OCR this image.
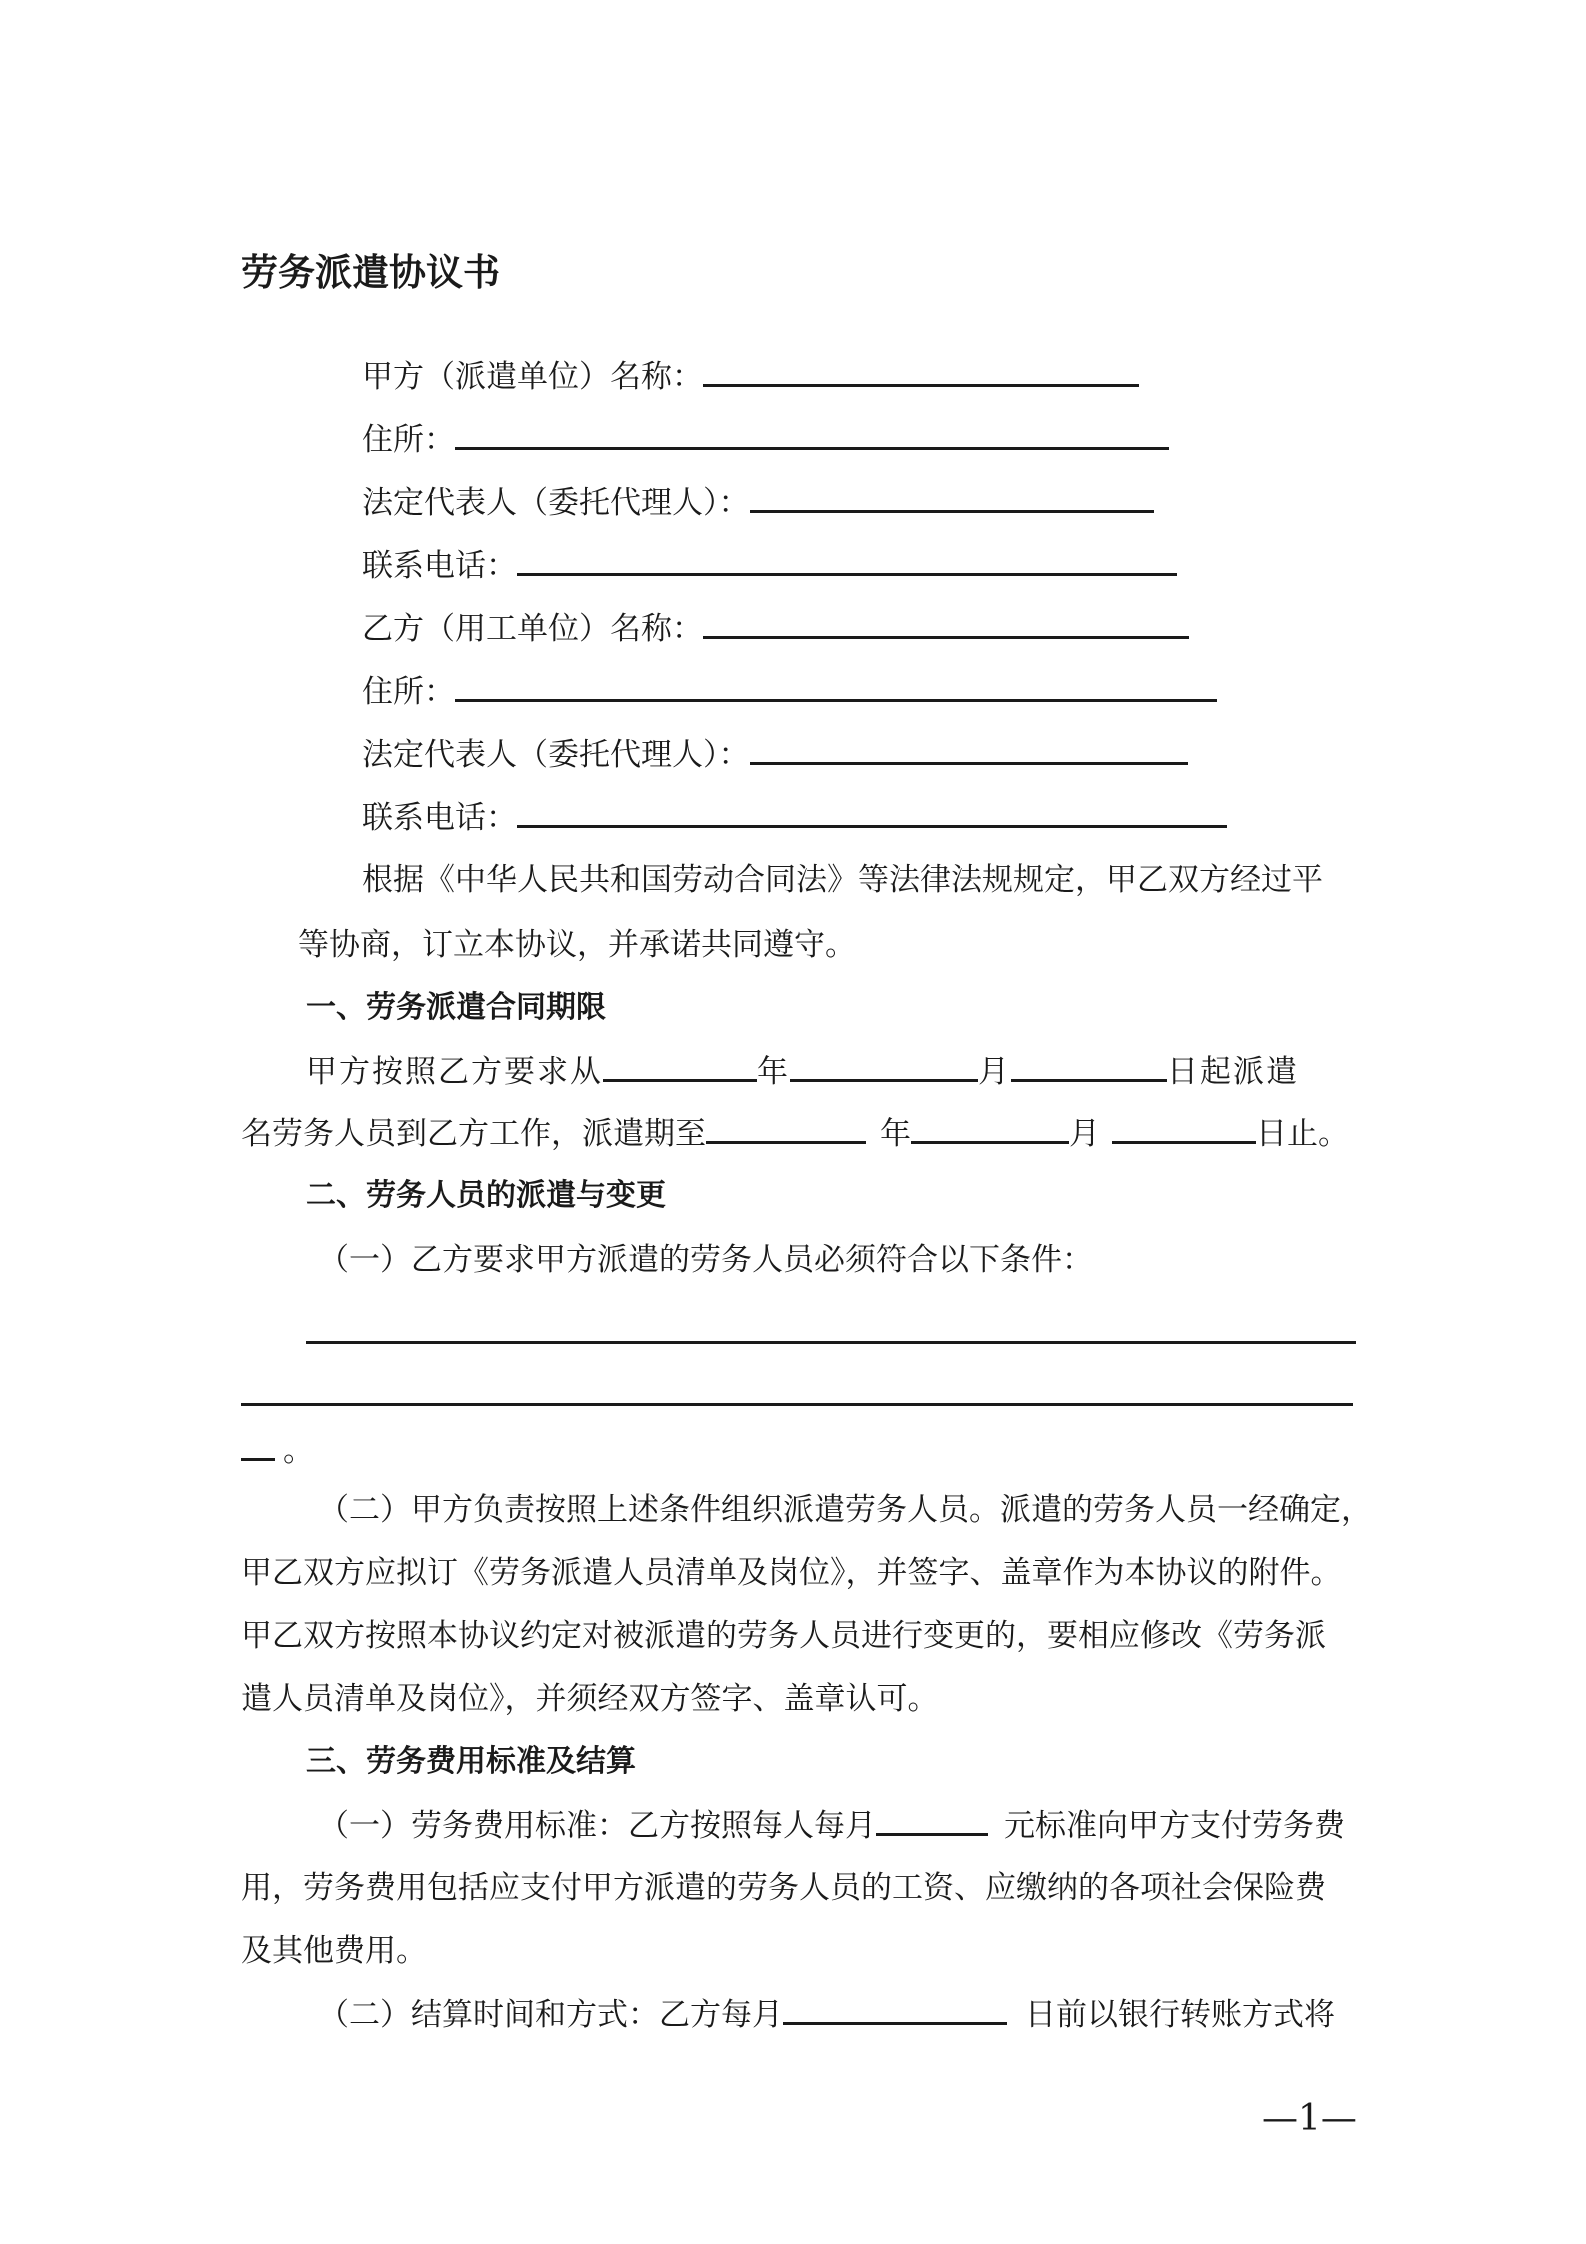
劳务派遣协议书
甲方（派遣单位）名称：
住所：
法定代表人（委托代理人）：
联系电话：
乙方（用工单位）名称：
住所：
法定代表人（委托代理人）：
联系电话：
根据《中华人民共和国劳动合同法》等法律法规规定，甲乙双方经过平
等协商，订立本协议，并承诺共同遵守。
一、劳务派遣合同期限
甲方按照乙方要求从	年	月	日起派遣
名劳务人员到乙方工作，派遣期至	年	月	日止。
二、劳务人员的派遣与变更
（一）乙方要求甲方派遣的劳务人员必须符合以下条件：
。
（二）甲方负责按照上述条件组织派遣劳务人员。派遣的劳务人员一经确定，
甲乙双方应拟订《劳务派遣人员清单及岗位》，并签字、盖章作为本协议的附件。
甲乙双方按照本协议约定对被派遣的劳务人员进行变更的，要相应修改《劳务派
遣人员清单及岗位》，并须经双方签字、盖章认可。
三、劳务费用标准及结算
（一）劳务费用标准：乙方按照每人每月	元标准向甲方支付劳务费
用，劳务费用包括应支付甲方派遣的劳务人员的工资、应缴纳的各项社会保险费
及其他费用。
（二）结算时间和方式：乙方每月	日前以银行转账方式将
—1—
